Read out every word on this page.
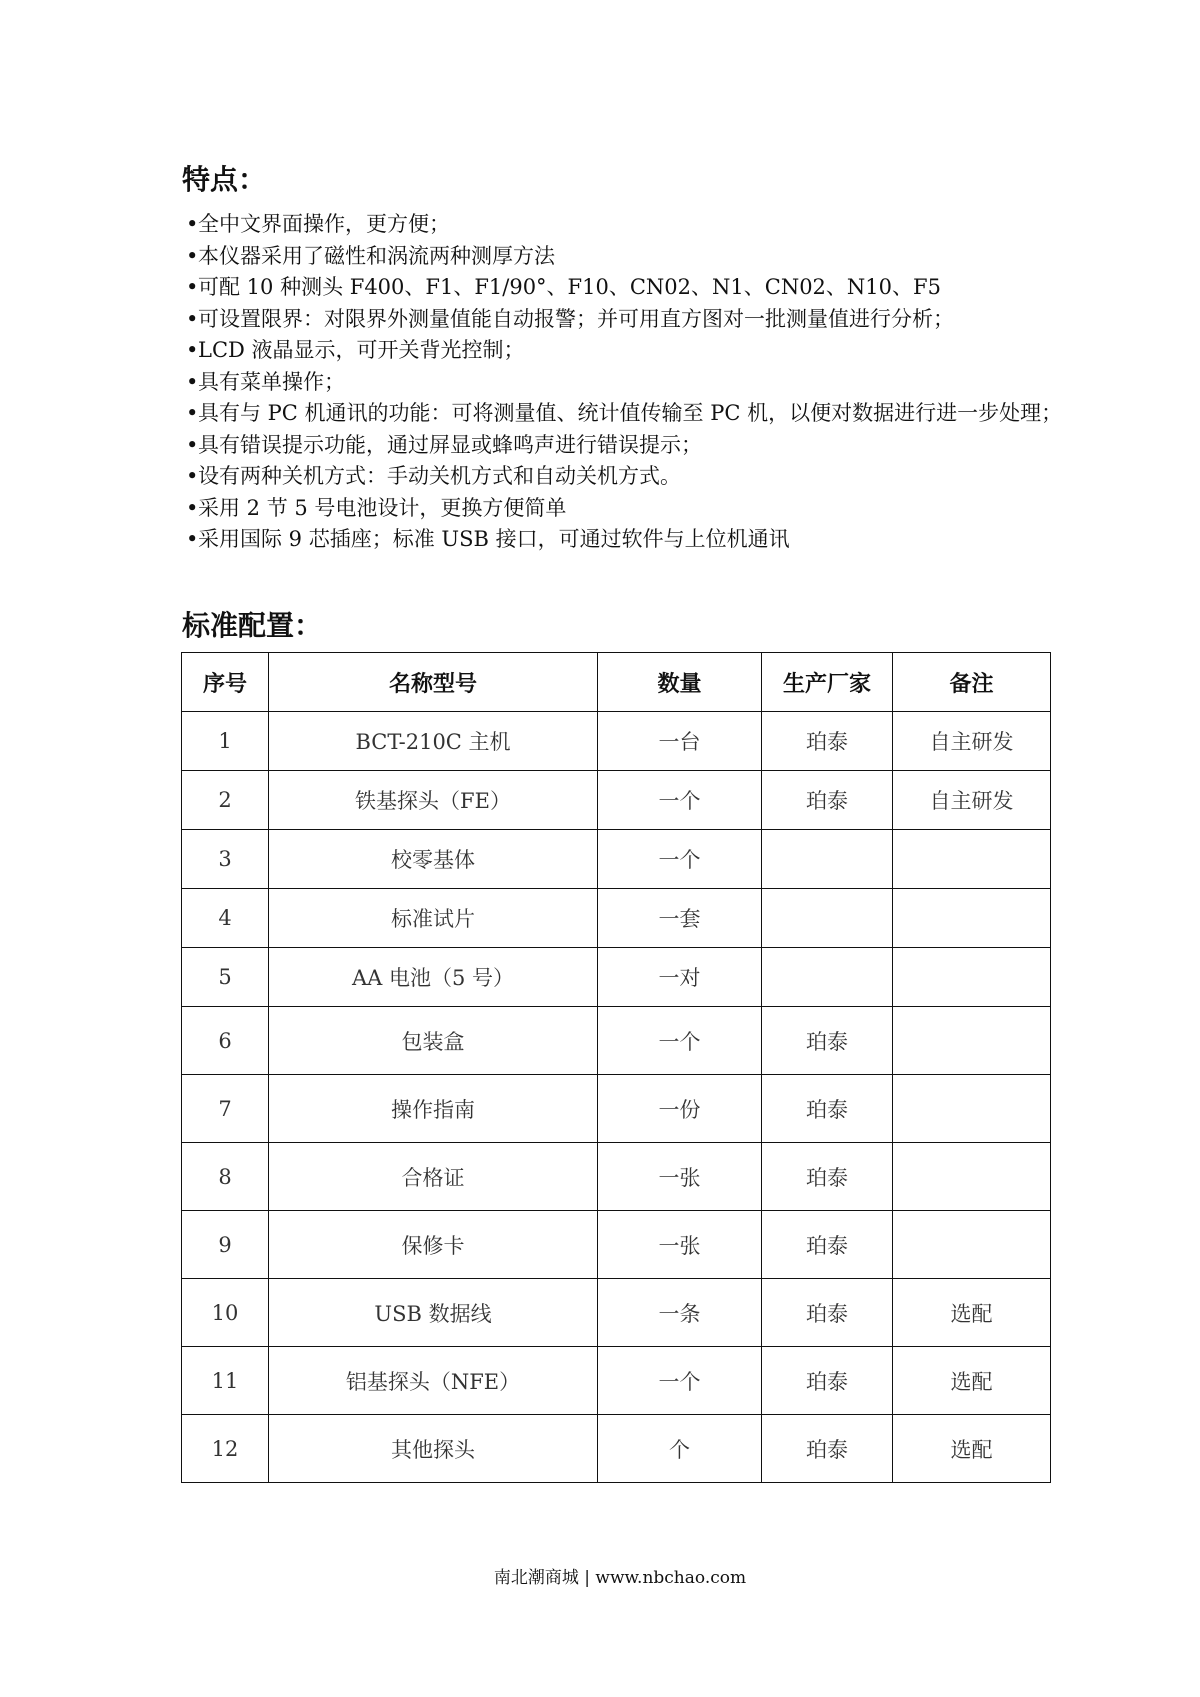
特点：
•全中文界面操作，更方便；
•本仪器采用了磁性和涡流两种测厚方法
•可配 10 种测头 F400、F1、F1/90°、F10、CN02、N1、CN02、N10、F5
•可设置限界：对限界外测量值能自动报警；并可用直方图对一批测量值进行分析；
•LCD 液晶显示，可开关背光控制；
•具有菜单操作；
•具有与 PC 机通讯的功能：可将测量值、统计值传输至 PC 机，以便对数据进行进一步处理；
•具有错误提示功能，通过屏显或蜂鸣声进行错误提示；
•设有两种关机方式：手动关机方式和自动关机方式。
•采用 2 节 5 号电池设计，更换方便简单
•采用国际 9 芯插座；标准 USB 接口，可通过软件与上位机通讯
标准配置：
序号	名称型号	数量	生产厂家	备注
1	BCT-210C 主机	一台	珀泰	自主研发
2	铁基探头（FE）	一个	珀泰	自主研发
3	校零基体	一个		
4	标准试片	一套		
5	AA 电池（5 号）	一对		
6	包装盒	一个	珀泰	
7	操作指南	一份	珀泰	
8	合格证	一张	珀泰	
9	保修卡	一张	珀泰	
10	USB 数据线	一条	珀泰	选配
11	铝基探头（NFE）	一个	珀泰	选配
12	其他探头	个	珀泰	选配
南北潮商城 | www.nbchao.com
